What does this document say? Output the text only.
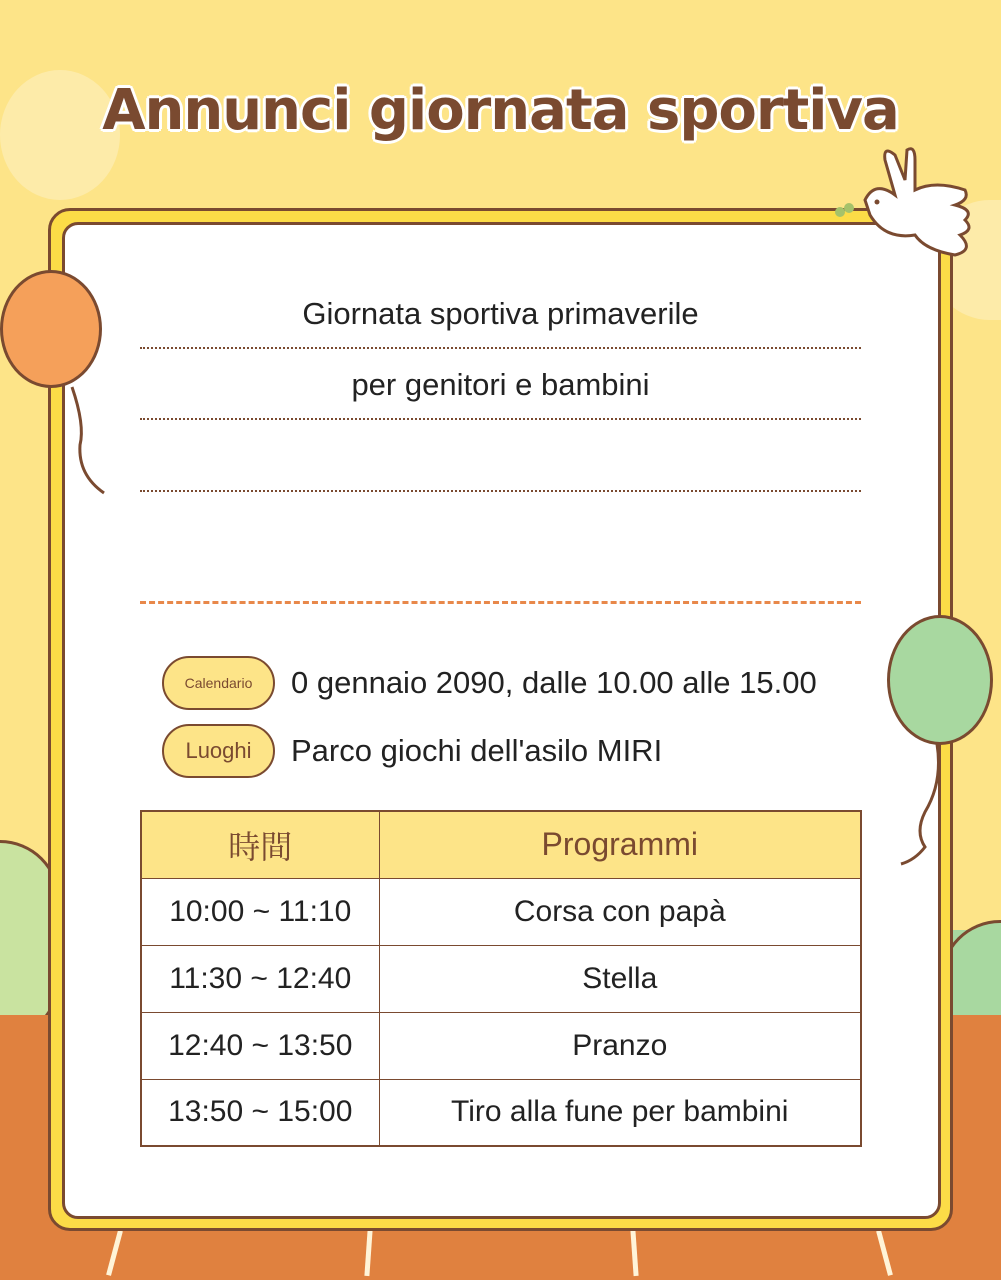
Annunci giornata sportiva
Giornata sportiva primaverile
per genitori e bambini
Calendario	0 gennaio 2090, dalle 10.00 alle 15.00
Luoghi	Parco giochi dell'asilo MIRI
時間	Programmi
10:00 ~ 11:10	Corsa con papà
11:30 ~ 12:40	Stella
12:40 ~ 13:50	Pranzo
13:50 ~ 15:00	Tiro alla fune per bambini
